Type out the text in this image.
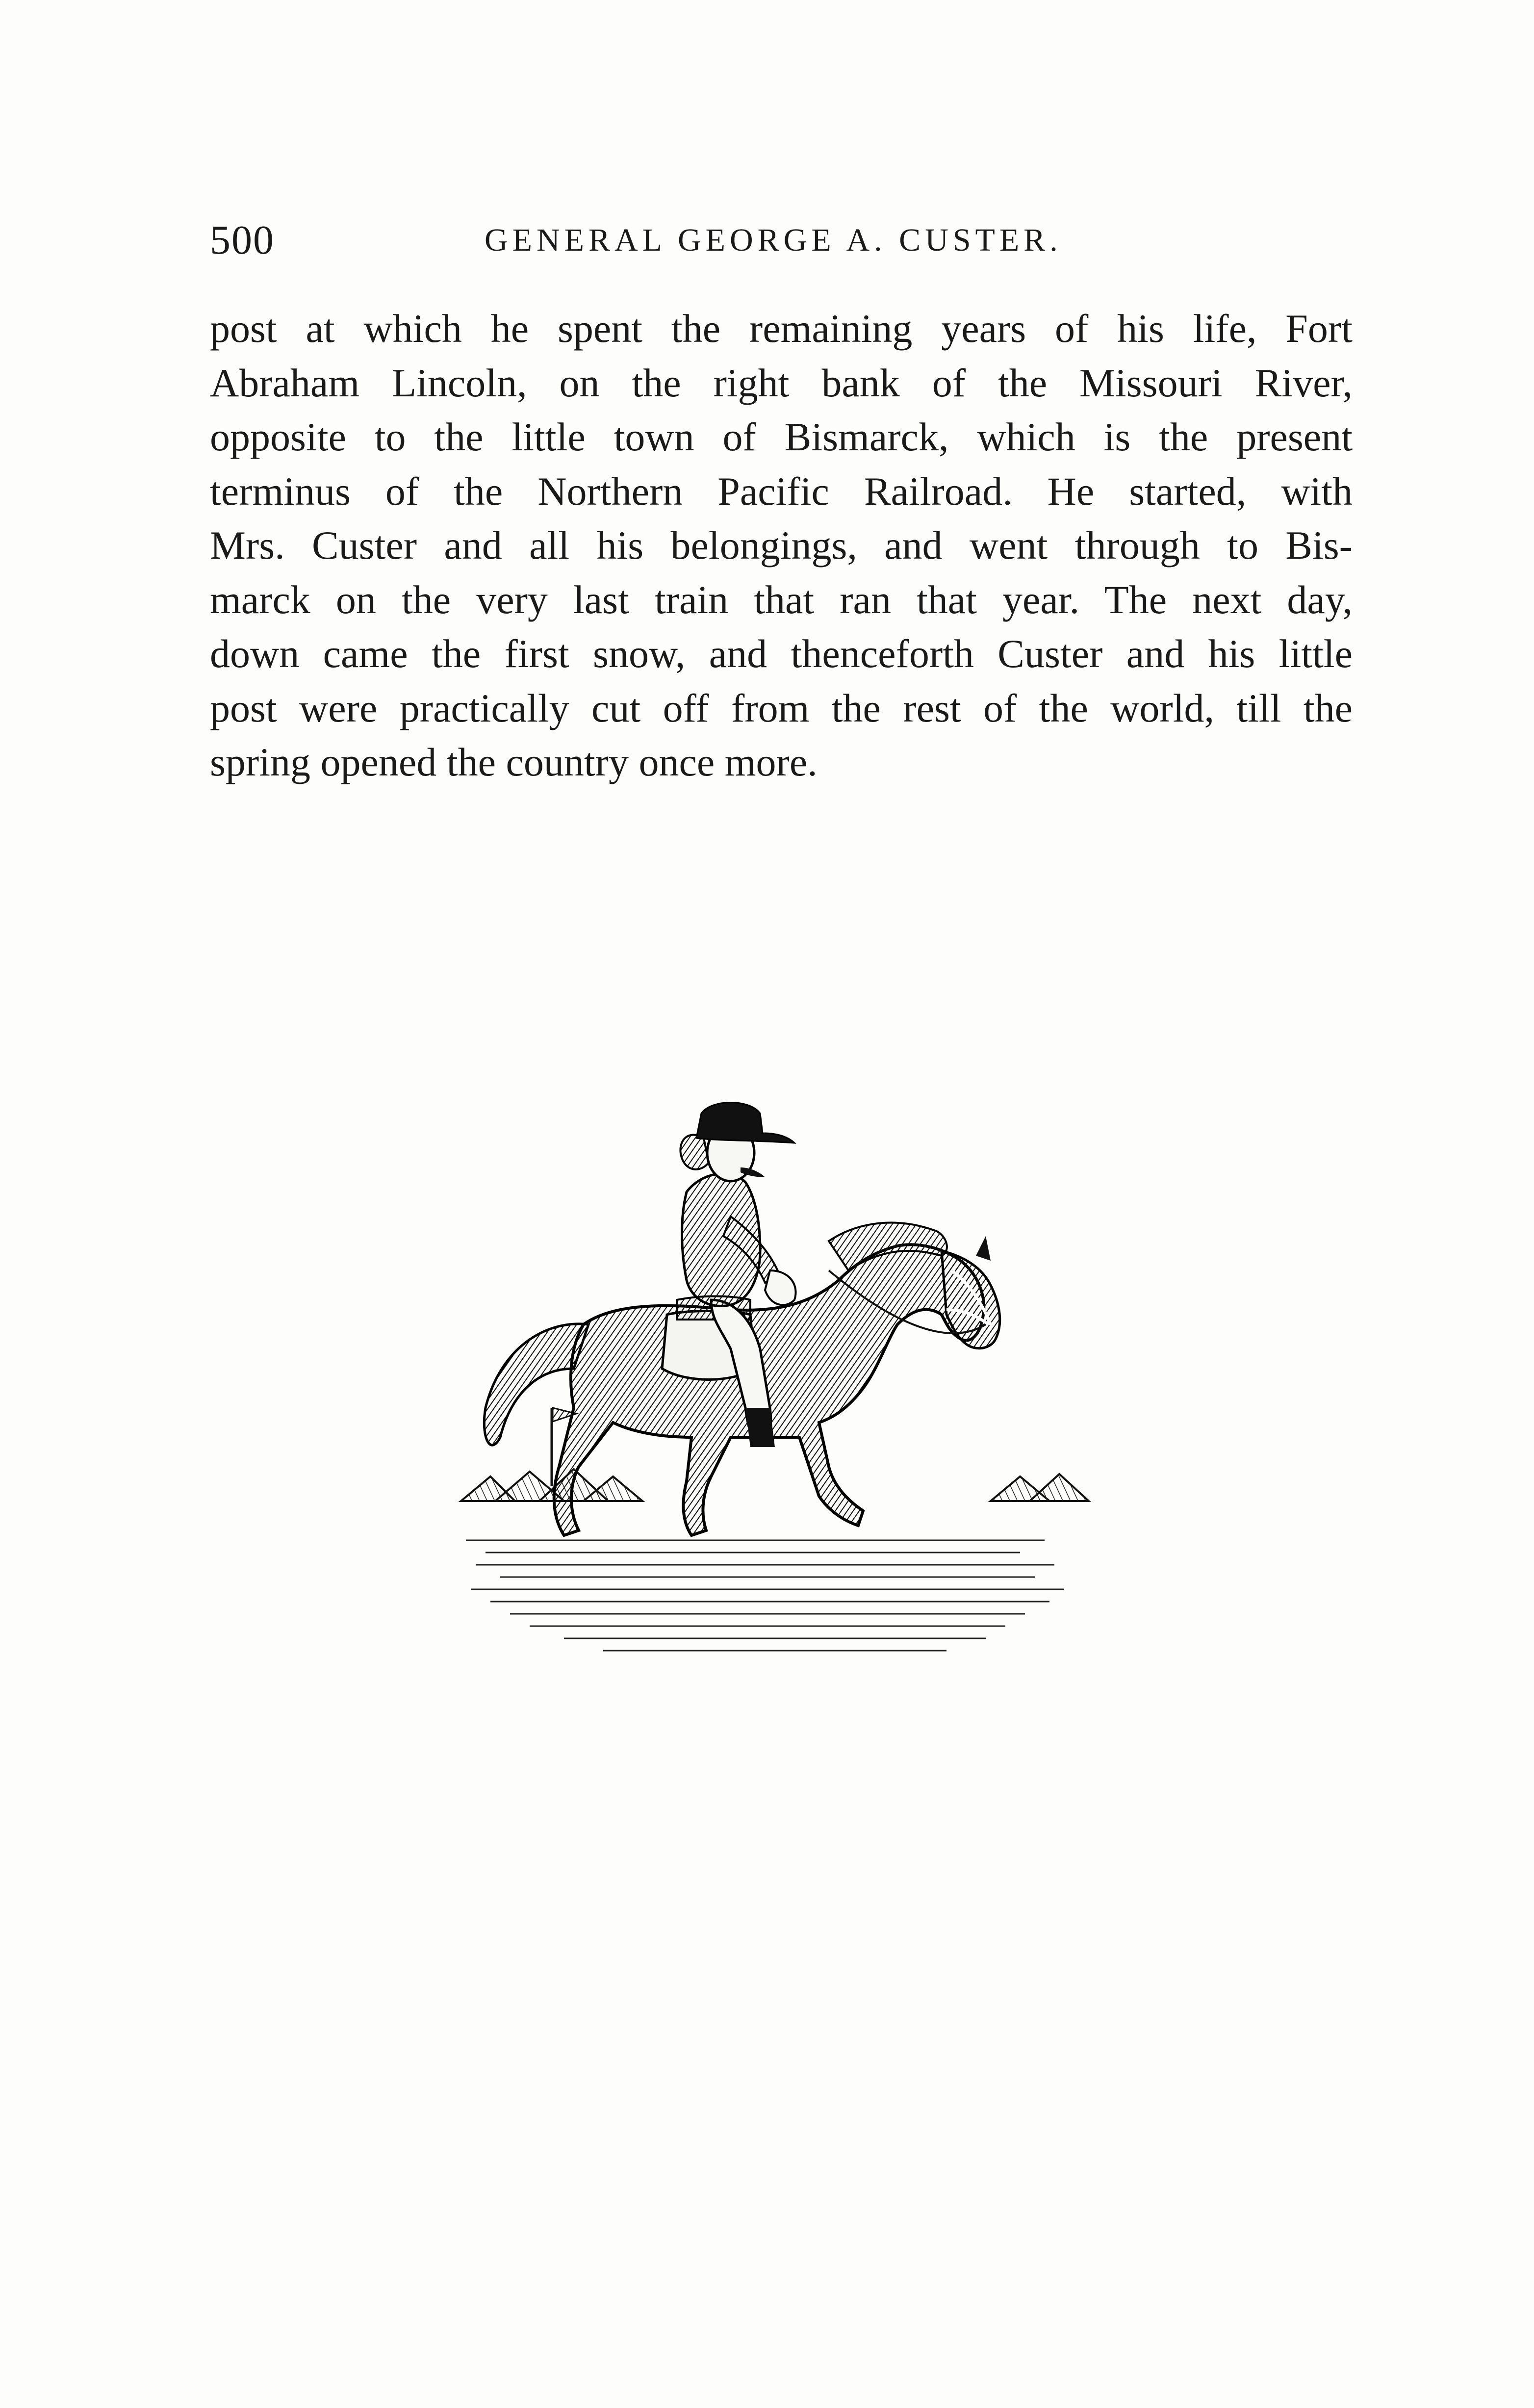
500	GENERAL GEORGE A. CUSTER.

post at which he spent the remaining years of his life, Fort
Abraham Lincoln, on the right bank of the Missouri River,
opposite to the little town of Bismarck, which is the present
terminus of the Northern Pacific Railroad. He started, with
Mrs. Custer and all his belongings, and went through to Bis-
marck on the very last train that ran that year. The next day,
down came the first snow, and thenceforth Custer and his little
post were practically cut off from the rest of the world, till the
spring opened the country once more.
